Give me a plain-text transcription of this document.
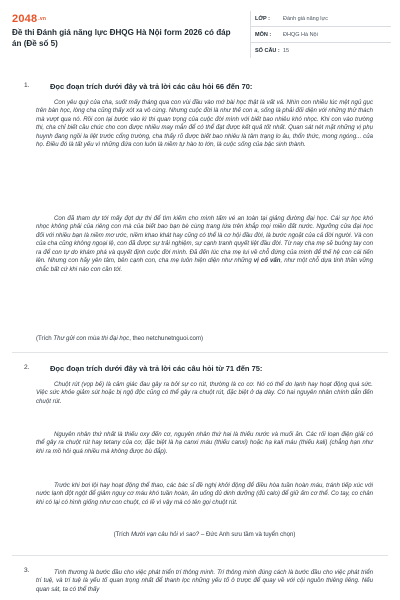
2048.vn
Đề thi Đánh giá năng lực ĐHQG Hà Nội form 2026 có đáp án (Đề số 5)
LỚP :	Đánh giá năng lực
MÔN :	ĐHQG Hà Nội
SỐ CÂU : 15
1.	Đọc đoạn trích dưới đây và trả lời các câu hỏi 66 đến 70:

Con yêu quý của cha, suốt mấy tháng qua con vùi đầu vào mớ bài học thật là vất vả. Nhìn con nhiều lúc mệt ngủ gục trên bàn học, lòng cha cũng thấy xót xa vô cùng. Nhưng cuộc đời là như thế con a, sống là phải đối diện với những thử thách mà vượt qua nó. Rồi con lại bước vào kì thi quan trọng của cuộc đời mình với biết bao nhiêu khó nhọc. Khi con vào trường thi, cha chỉ biết cầu chúc cho con được nhiều may mắn để có thể đạt được kết quả tốt nhất. Quan sát nét mặt những vị phụ huynh đang ngồi la liệt trước cổng trường, cha thấy rõ được biết bao nhiêu là tâm trạng lo âu, thổn thức, mong ngóng... của họ. Điều đó là tất yếu vì những đứa con luôn là niềm tự hào to lớn, là cuộc sống của bậc sinh thành.

Con đã tham dự tới mấy đợt dự thi để tìm kiếm cho mình tấm vé an toàn tại giảng đường đại học. Cái sự học khó nhọc không phải của riêng con mà của biết bao bạn bè cùng trang lứa trên khắp mọi miền đất nước. Ngưỡng cửa đại học đối với nhiều bạn là niềm mơ ước, niềm khao khát hay cũng có thể là cơ hội đầu đời, là bước ngoặt của cả đời người. Và con của cha cũng không ngoại lệ, con đã được sự trải nghiệm, sự cạnh tranh quyết liệt đầu đời. Từ nay cha mẹ sẽ buông tay con ra để con tự do khám phá và quyết định cuộc đời mình. Đã đến lúc cha mẹ lui về chỗ đứng của mình để thế hệ con cái tiến lên. Nhưng con hãy yên tâm, bên cạnh con, cha mẹ luôn hiện diện như những vị cố vấn, như một chỗ dựa tinh thần vững chắc bất cứ khi nào con cần tới.

(Trích Thư gửi con mùa thi đại học, theo netchunetnguoi.com)
2.	Đọc đoạn trích dưới đây và trả lời các câu hỏi từ 71 đến 75:

Chuột rút (vọp bẻ) là cảm giác đau gây ra bởi sự co rút, thường là co cơ. Nó có thể do lạnh hay hoạt động quá sức. Việc sức khỏe giảm sút hoặc bị ngộ độc cũng có thể gây ra chuột rút, đặc biệt ở dạ dày. Có hai nguyên nhân chính dẫn đến chuột rút.

Nguyên nhân thứ nhất là thiếu oxy đến cơ, nguyên nhân thứ hai là thiếu nước và muối ăn. Các rối loạn điện giải có thể gây ra chuột rút hay tetany của cơ, đặc biệt là hạ canxi máu (thiếu canxi) hoặc hạ kali máu (thiếu kali) (chẳng hạn như khi ra mồ hôi quá nhiều mà không được bù đắp).

Trước khi bơi lội hay hoạt động thể thao, các bác sĩ đề nghị khởi động để điều hòa tuần hoàn máu, tránh tiếp xúc với nước lạnh đột ngột để giảm nguy cơ máu khó tuần hoàn, ăn uống đủ dinh dưỡng (đủ calo) để giữ ấm cơ thể. Co tay, co chân khi có lại có hình giống như con chuột, có lẽ vì vậy mà có tên gọi chuột rút.

(Trích Mười vạn câu hỏi vì sao? – Đức Anh sưu tầm và tuyển chọn)
3.	Tình thương là bước đầu cho việc phát triển trí thông minh. Trí thông minh đúng cách là bước đầu cho việc phát triển trí tuệ, và trí tuệ là yếu tố quan trọng nhất để thanh lọc những yếu tố ô trược để quay về với cội nguồn thiêng liêng. Nếu quan sát, ta có thể thấy
